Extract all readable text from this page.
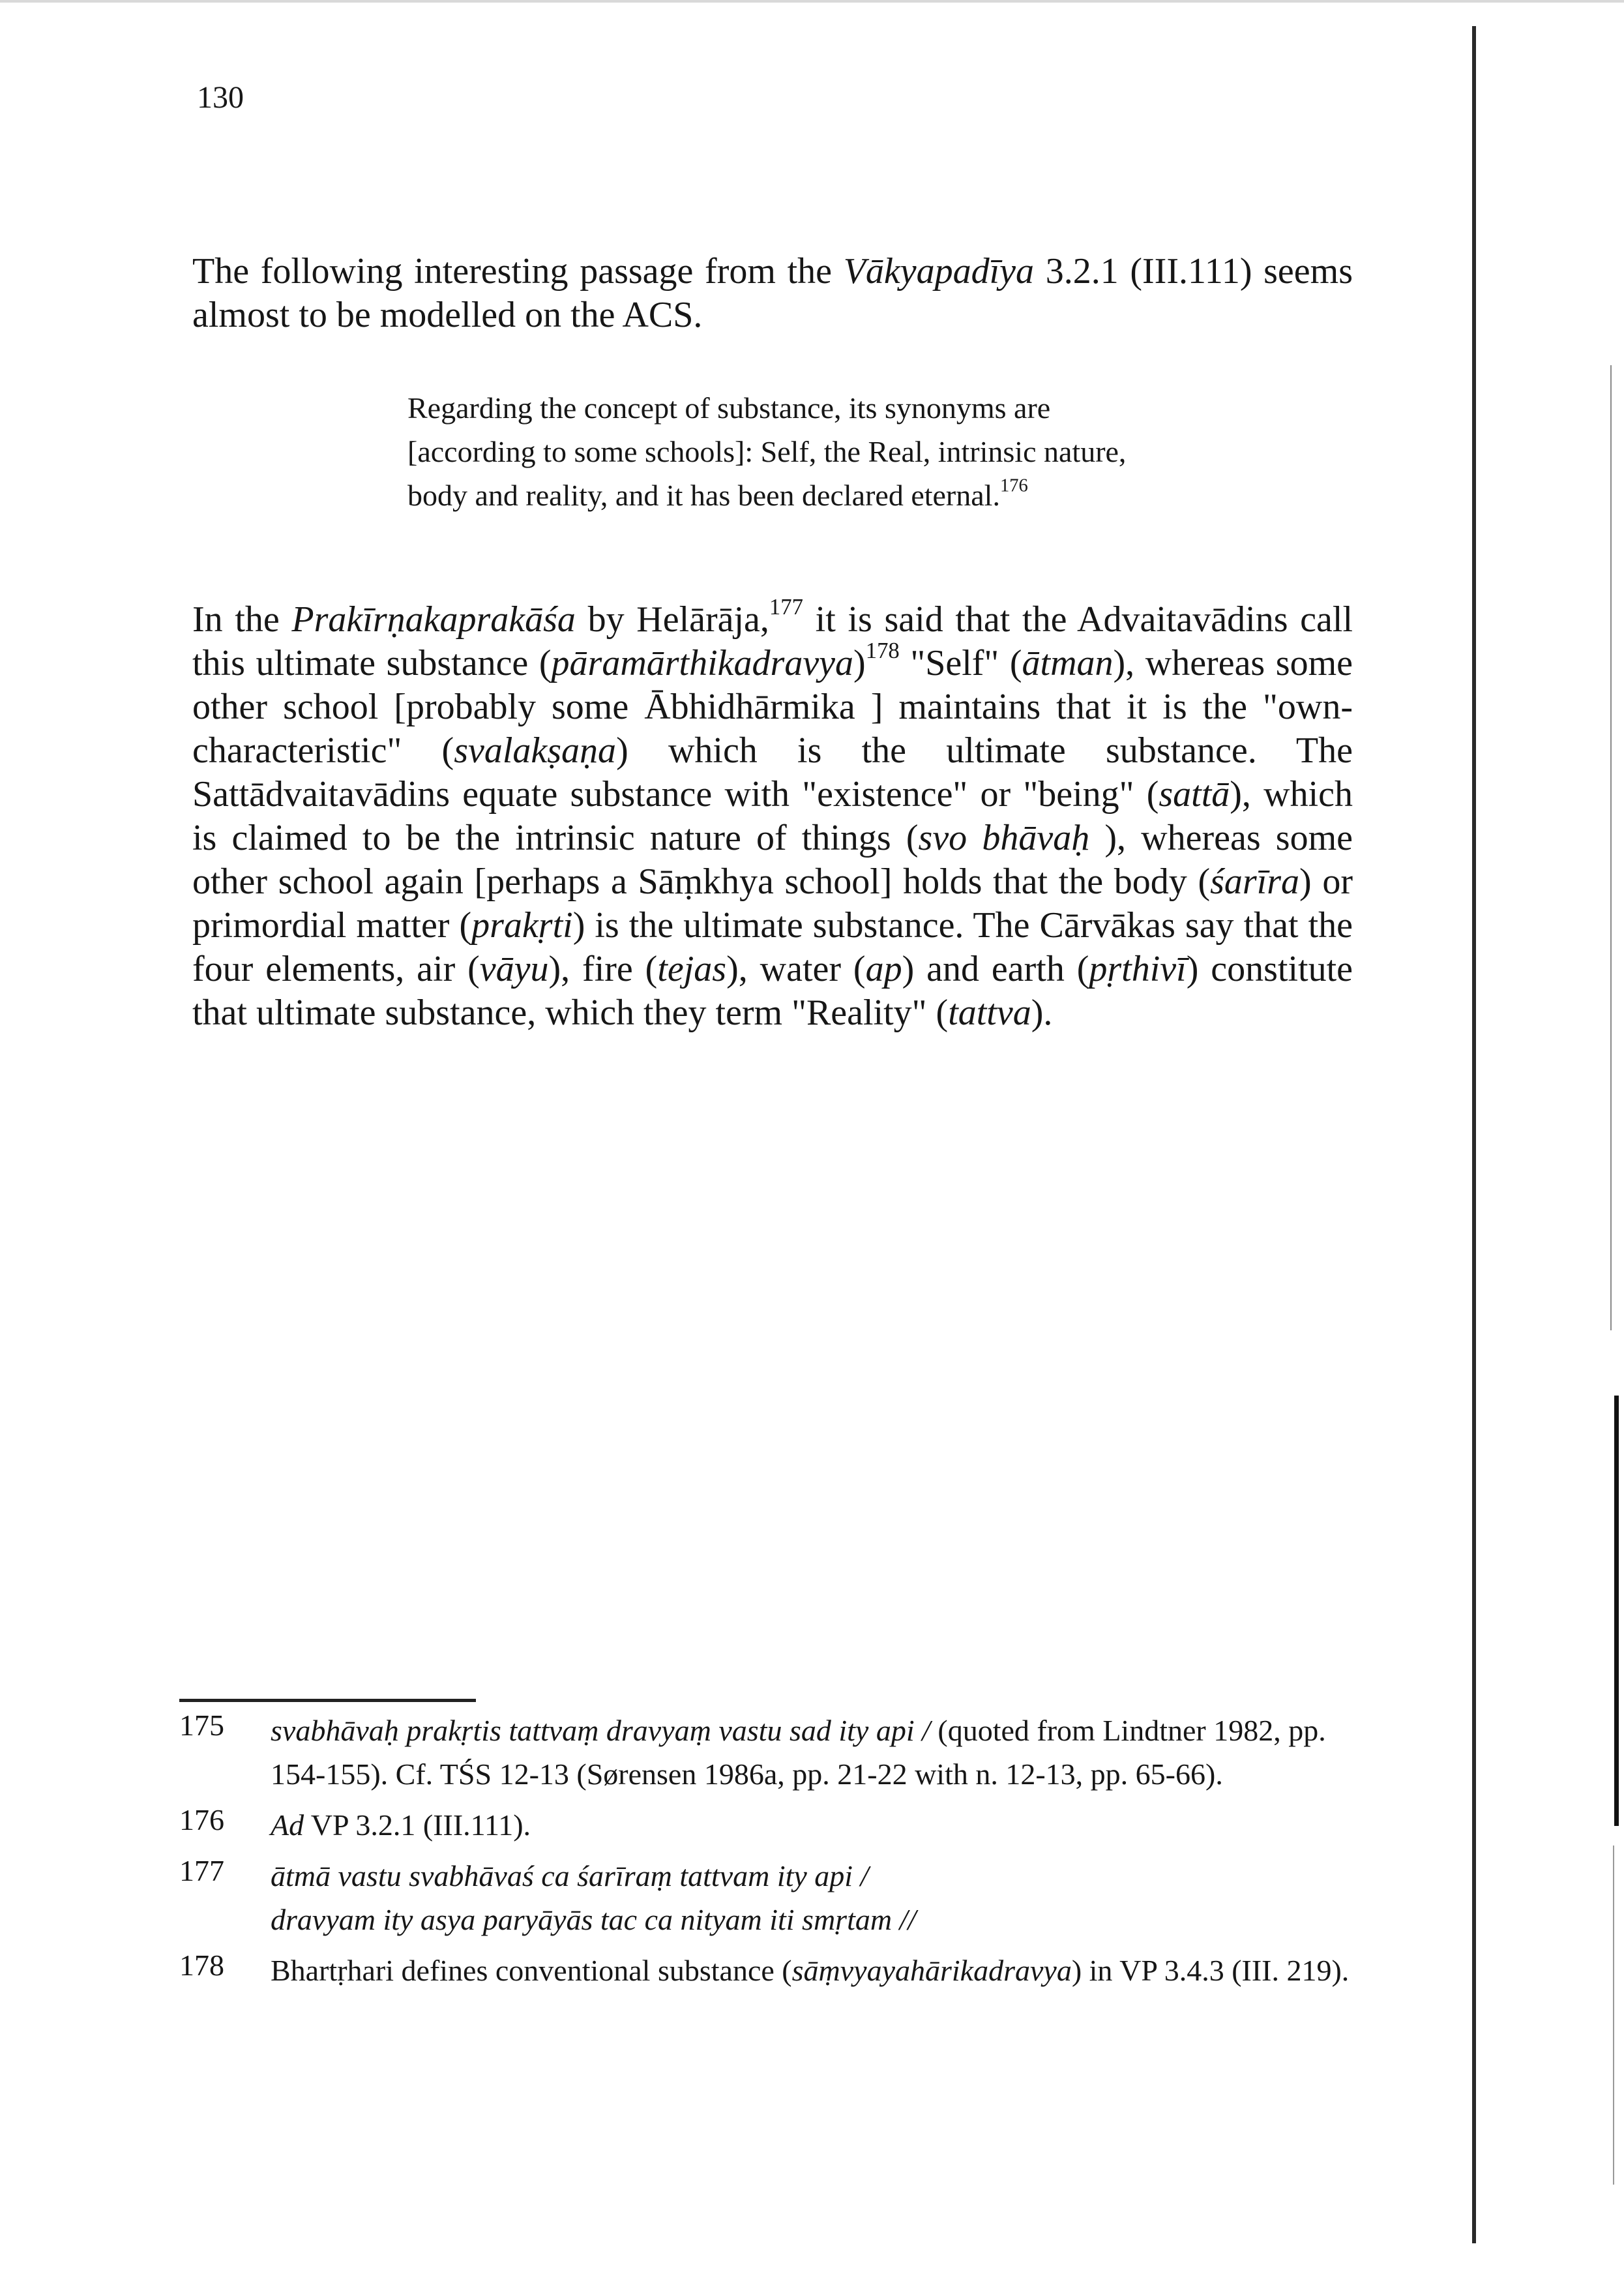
130

The following interesting passage from the Vākyapadīya 3.2.1 (III.111) seems almost to be modelled on the ACS.

Regarding the concept of substance, its synonyms are [according to some schools]: Self, the Real, intrinsic nature, body and reality, and it has been declared eternal.$^{176}$

In the Prakīrṇakaprakāśa by Helārāja,$^{177}$ it is said that the Advaitavādins call this ultimate substance (pāramārthikadravya)$^{178}$ "Self" (ātman), whereas some other school [probably some Ābhidhārmika ] maintains that it is the "own-characteristic" (svalakṣaṇa) which is the ultimate substance. The Sattādvaitavādins equate substance with "existence" or "being" (sattā), which is claimed to be the intrinsic nature of things (svo bhāvaḥ ), whereas some other school again [perhaps a Sāṃkhya school] holds that the body (śarīra) or primordial matter (prakṛti) is the ultimate substance. The Cārvākas say that the four elements, air (vāyu), fire (tejas), water (ap) and earth (pṛthivī) constitute that ultimate substance, which they term "Reality" (tattva).

175 svabhāvaḥ prakṛtis tattvaṃ dravyaṃ vastu sad ity api / (quoted from Lindtner 1982, pp. 154-155). Cf. TŚS 12-13 (Sørensen 1986a, pp. 21-22 with n. 12-13, pp. 65-66).

176 Ad VP 3.2.1 (III.111).

177 ātmā vastu svabhāvaś ca śarīraṃ tattvam ity api /
dravyam ity asya paryāyās tac ca nityam iti smṛtam //

178 Bhartṛhari defines conventional substance (sāṃvyayahārikadravya) in VP 3.4.3 (III. 219).
